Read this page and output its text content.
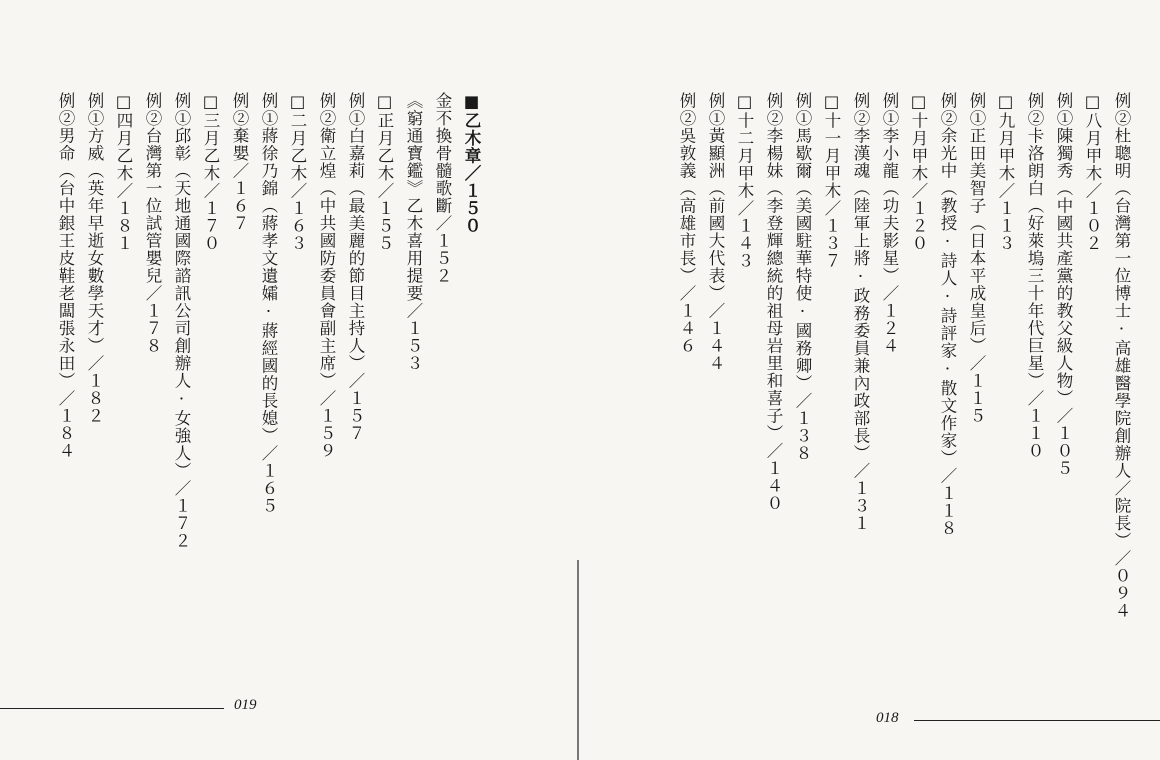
■乙木章／１５０
金不換骨髓歌斷／１５２
《窮通寶鑑》乙木喜用提要／１５３
□正月乙木／１５５
例①白嘉莉（最美麗的節目主持人）／１５７
例②衛立煌（中共國防委員會副主席）／１５９
□二月乙木／１６３
例①蔣徐乃錦（蔣孝文遺孀·蔣經國的長媳）／１６５
例②棄嬰／１６７
□三月乙木／１７０
例①邱彰（天地通國際諮訊公司創辦人·女強人）／１７２
例②台灣第一位試管嬰兒／１７８
□四月乙木／１８１
例①方威（英年早逝女數學天才）／１８２
例②男命（台中銀王皮鞋老闆張永田）／１８４
019
例②杜聰明（台灣第一位博士·高雄醫學院創辦人／院長）／０９４
□八月甲木／１０２
例①陳獨秀（中國共產黨的教父級人物）／１０５
例②卡洛朗白（好萊塢三十年代巨星）／１１０
□九月甲木／１１３
例①正田美智子（日本平成皇后）／１１５
例②余光中（教授·詩人·詩評家·散文作家）／１１８
□十月甲木／１２０
例①李小龍（功夫影星）／１２４
例②李漢魂（陸軍上將·政務委員兼內政部長）／１３１
□十一月甲木／１３７
例①馬歇爾（美國駐華特使·國務卿）／１３８
例②李楊妹（李登輝總統的祖母岩里和喜子）／１４０
□十二月甲木／１４３
例①黃顯洲（前國大代表）／１４４
例②吳敦義（高雄市長）／１４６
018
